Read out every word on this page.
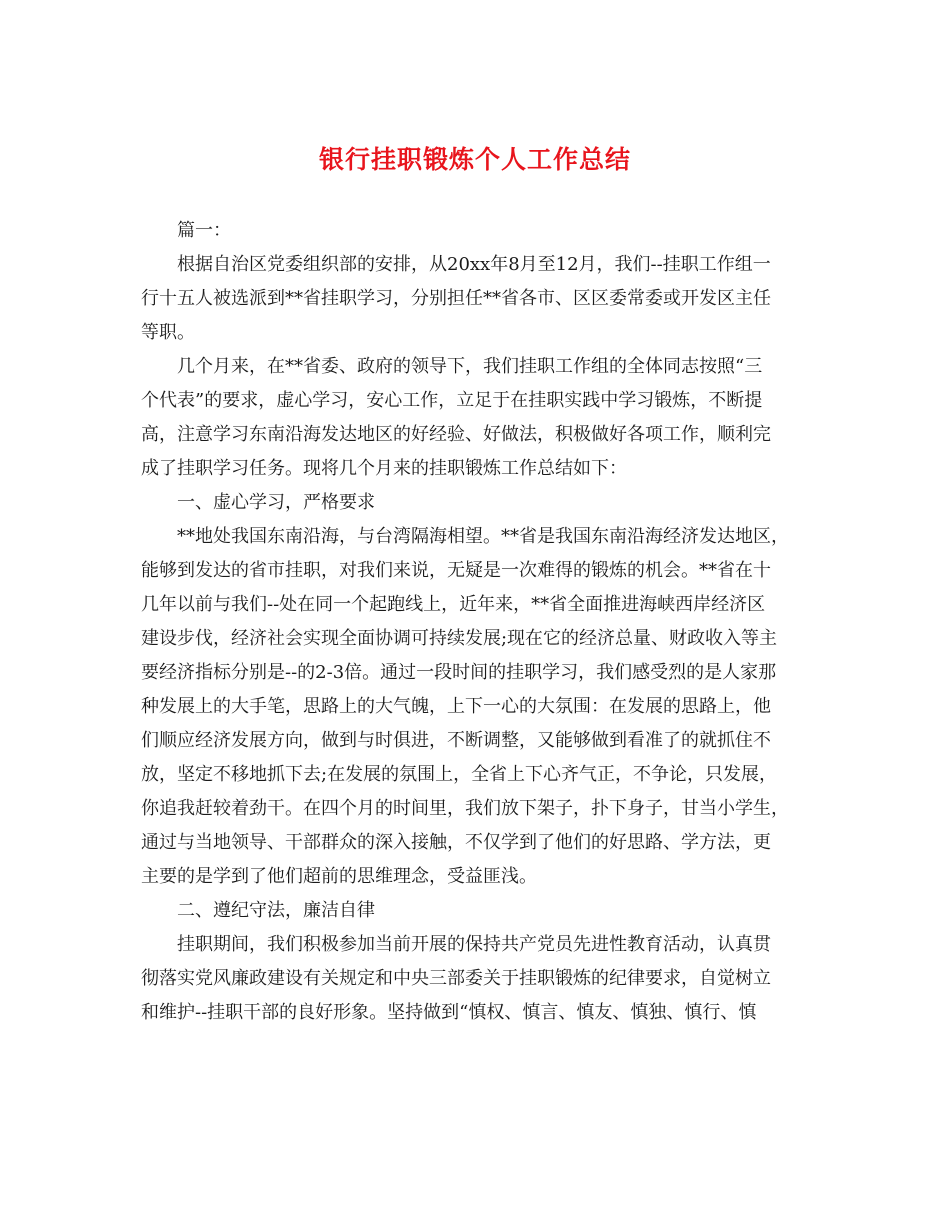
银行挂职锻炼个人工作总结
篇一：
根据自治区党委组织部的安排，从20xx年8月至12月，我们--挂职工作组一
行十五人被选派到**省挂职学习，分别担任**省各市、区区委常委或开发区主任
等职。
几个月来，在**省委、政府的领导下，我们挂职工作组的全体同志按照“三
个代表”的要求，虚心学习，安心工作，立足于在挂职实践中学习锻炼，不断提
高，注意学习东南沿海发达地区的好经验、好做法，积极做好各项工作，顺利完
成了挂职学习任务。现将几个月来的挂职锻炼工作总结如下：
一、虚心学习，严格要求
**地处我国东南沿海，与台湾隔海相望。**省是我国东南沿海经济发达地区，
能够到发达的省市挂职，对我们来说，无疑是一次难得的锻炼的机会。**省在十
几年以前与我们--处在同一个起跑线上，近年来，**省全面推进海峡西岸经济区
建设步伐，经济社会实现全面协调可持续发展;现在它的经济总量、财政收入等主
要经济指标分别是--的2-3倍。通过一段时间的挂职学习，我们感受烈的是人家那
种发展上的大手笔，思路上的大气魄，上下一心的大氛围：在发展的思路上，他
们顺应经济发展方向，做到与时俱进，不断调整，又能够做到看准了的就抓住不
放，坚定不移地抓下去;在发展的氛围上，全省上下心齐气正，不争论，只发展，
你追我赶较着劲干。在四个月的时间里，我们放下架子，扑下身子，甘当小学生，
通过与当地领导、干部群众的深入接触，不仅学到了他们的好思路、学方法，更
主要的是学到了他们超前的思维理念，受益匪浅。
二、遵纪守法，廉洁自律
挂职期间，我们积极参加当前开展的保持共产党员先进性教育活动，认真贯
彻落实党风廉政建设有关规定和中央三部委关于挂职锻炼的纪律要求，自觉树立
和维护--挂职干部的良好形象。坚持做到“慎权、慎言、慎友、慎独、慎行、慎
